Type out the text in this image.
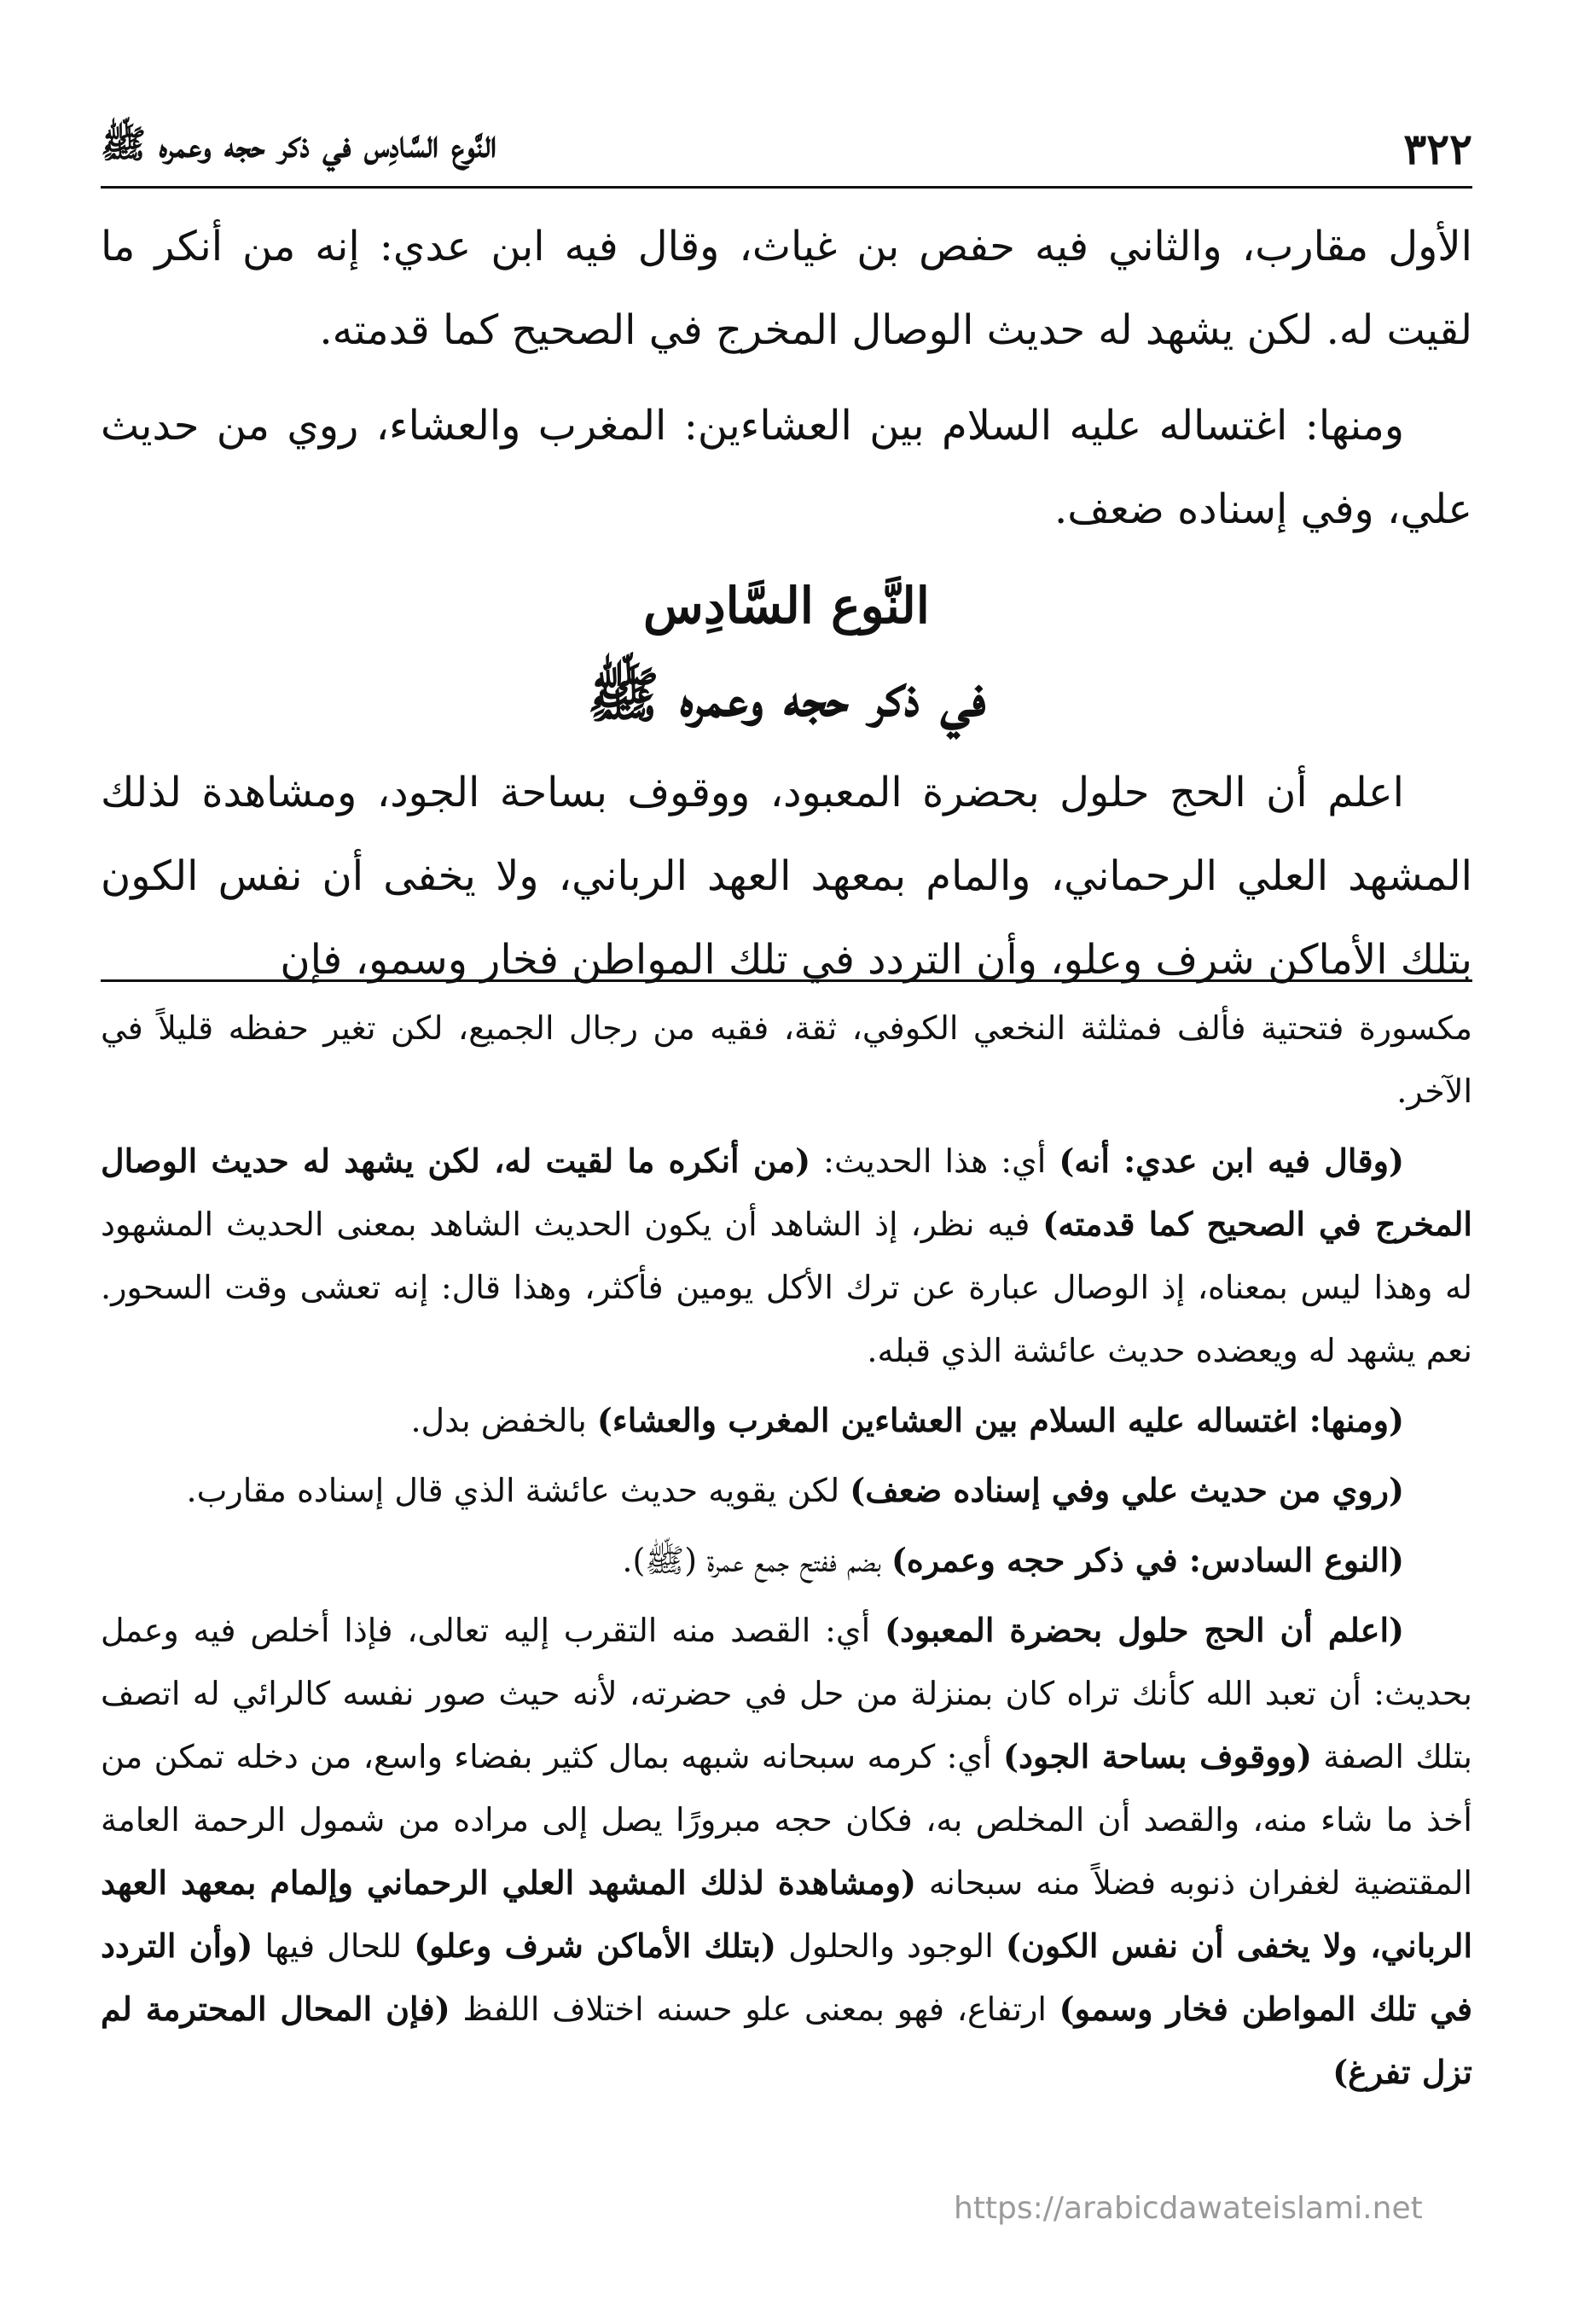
٣٢٢
النَّوع السَّادِس في ذكر حجه وعمره ﷺ

الأول مقارب، والثاني فيه حفص بن غياث، وقال فيه ابن عدي: إنه من أنكر ما لقيت له. لكن يشهد له حديث الوصال المخرج في الصحيح كما قدمته.

ومنها: اغتساله عليه السلام بين العشاءين: المغرب والعشاء، روي من حديث علي، وفي إسناده ضعف.

النَّوع السَّادِس
في ذكر حجه وعمره ﷺ

اعلم أن الحج حلول بحضرة المعبود، ووقوف بساحة الجود، ومشاهدة لذلك المشهد العلي الرحماني، والمام بمعهد العهد الرباني، ولا يخفى أن نفس الكون بتلك الأماكن شرف وعلو، وأن التردد في تلك المواطن فخار وسمو، فإن

مكسورة فتحتية فألف فمثلثة النخعي الكوفي، ثقة، فقيه من رجال الجميع، لكن تغير حفظه قليلاً في الآخر.

(وقال فيه ابن عدي: أنه) أي: هذا الحديث: (من أنكره ما لقيت له، لكن يشهد له حديث الوصال المخرج في الصحيح كما قدمته) فيه نظر، إذ الشاهد أن يكون الحديث الشاهد بمعنى الحديث المشهود له وهذا ليس بمعناه، إذ الوصال عبارة عن ترك الأكل يومين فأكثر، وهذا قال: إنه تعشى وقت السحور. نعم يشهد له ويعضده حديث عائشة الذي قبله.

(ومنها: اغتساله عليه السلام بين العشاءين المغرب والعشاء) بالخفض بدل.

(روي من حديث علي وفي إسناده ضعف) لكن يقويه حديث عائشة الذي قال إسناده مقارب.

(النوع السادس: في ذكر حجه وعمره) بضم ففتح جمع عمرة (ﷺ).

(اعلم أن الحج حلول بحضرة المعبود) أي: القصد منه التقرب إليه تعالى، فإذا أخلص فيه وعمل بحديث: أن تعبد الله كأنك تراه كان بمنزلة من حل في حضرته، لأنه حيث صور نفسه كالرائي له اتصف بتلك الصفة (ووقوف بساحة الجود) أي: كرمه سبحانه شبهه بمال كثير بفضاء واسع، من دخله تمكن من أخذ ما شاء منه، والقصد أن المخلص به، فكان حجه مبرورًا يصل إلى مراده من شمول الرحمة العامة المقتضية لغفران ذنوبه فضلاً منه سبحانه (ومشاهدة لذلك المشهد العلي الرحماني وإلمام بمعهد العهد الرباني، ولا يخفى أن نفس الكون) الوجود والحلول (بتلك الأماكن شرف وعلو) للحال فيها (وأن التردد في تلك المواطن فخار وسمو) ارتفاع، فهو بمعنى علو حسنه اختلاف اللفظ (فإن المحال المحترمة لم تزل تفرغ)

https://arabicdawateislami.net
